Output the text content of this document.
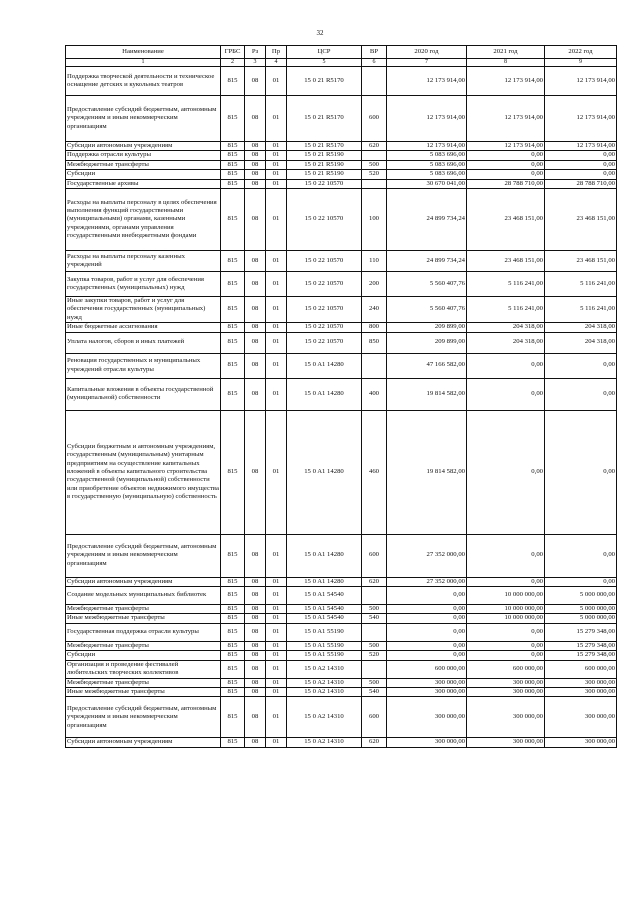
32
Наименование	ГРБС	Рз	Пр	ЦСР	ВР	2020 год	2021 год	2022 год
1	2	3	4	5	6	7	8	9
Поддержка творческой деятельности и техническое оснащение детских и кукольных театров	815	08	01	15 0 21 R5170		12 173 914,00	12 173 914,00	12 173 914,00
Предоставление субсидий бюджетным, автономным учреждениям и иным некоммерческим организациям	815	08	01	15 0 21 R5170	600	12 173 914,00	12 173 914,00	12 173 914,00
Субсидии автономным учреждениям	815	08	01	15 0 21 R5170	620	12 173 914,00	12 173 914,00	12 173 914,00
Поддержка отрасли культуры	815	08	01	15 0 21 R5190		5 083 696,00	0,00	0,00
Межбюджетные трансферты	815	08	01	15 0 21 R5190	500	5 083 696,00	0,00	0,00
Субсидии	815	08	01	15 0 21 R5190	520	5 083 696,00	0,00	0,00
Государственные архивы	815	08	01	15 0 22 10570		30 670 041,00	28 788 710,00	28 788 710,00
Расходы на выплаты персоналу в целях обеспечения выполнения функций государственными (муниципальными) органами, казенными учреждениями, органами управления государственными внебюджетными фондами	815	08	01	15 0 22 10570	100	24 899 734,24	23 468 151,00	23 468 151,00
Расходы на выплаты персоналу казенных учреждений	815	08	01	15 0 22 10570	110	24 899 734,24	23 468 151,00	23 468 151,00
Закупка товаров, работ и услуг для обеспечения государственных (муниципальных) нужд	815	08	01	15 0 22 10570	200	5 560 407,76	5 116 241,00	5 116 241,00
Иные закупки товаров, работ и услуг для обеспечения государственных (муниципальных) нужд	815	08	01	15 0 22 10570	240	5 560 407,76	5 116 241,00	5 116 241,00
Иные бюджетные ассигнования	815	08	01	15 0 22 10570	800	209 899,00	204 318,00	204 318,00
Уплата налогов, сборов и иных платежей	815	08	01	15 0 22 10570	850	209 899,00	204 318,00	204 318,00
Реновация государственных и муниципальных учреждений отрасли культуры	815	08	01	15 0 A1 14280		47 166 582,00	0,00	0,00
Капитальные вложения в объекты государственной (муниципальной) собственности	815	08	01	15 0 A1 14280	400	19 814 582,00	0,00	0,00
Субсидии бюджетным и автономным учреждениям, государственным (муниципальным) унитарным предприятиям на осуществление капитальных вложений в объекты капитального строительства государственной (муниципальной) собственности или приобретение объектов недвижимого имущества в государственную (муниципальную) собственность	815	08	01	15 0 A1 14280	460	19 814 582,00	0,00	0,00
Предоставление субсидий бюджетным, автономным учреждениям и иным некоммерческим организациям	815	08	01	15 0 A1 14280	600	27 352 000,00	0,00	0,00
Субсидии автономным учреждениям	815	08	01	15 0 A1 14280	620	27 352 000,00	0,00	0,00
Создание модельных муниципальных библиотек	815	08	01	15 0 A1 54540		0,00	10 000 000,00	5 000 000,00
Межбюджетные трансферты	815	08	01	15 0 A1 54540	500	0,00	10 000 000,00	5 000 000,00
Иные межбюджетные трансферты	815	08	01	15 0 A1 54540	540	0,00	10 000 000,00	5 000 000,00
Государственная поддержка отрасли культуры	815	08	01	15 0 A1 55190		0,00	0,00	15 279 348,00
Межбюджетные трансферты	815	08	01	15 0 A1 55190	500	0,00	0,00	15 279 348,00
Субсидии	815	08	01	15 0 A1 55190	520	0,00	0,00	15 279 348,00
Организация и проведение фестивалей любительских творческих коллективов	815	08	01	15 0 A2 14310		600 000,00	600 000,00	600 000,00
Межбюджетные трансферты	815	08	01	15 0 A2 14310	500	300 000,00	300 000,00	300 000,00
Иные межбюджетные трансферты	815	08	01	15 0 A2 14310	540	300 000,00	300 000,00	300 000,00
Предоставление субсидий бюджетным, автономным учреждениям и иным некоммерческим организациям	815	08	01	15 0 A2 14310	600	300 000,00	300 000,00	300 000,00
Субсидии автономным учреждениям	815	08	01	15 0 A2 14310	620	300 000,00	300 000,00	300 000,00
